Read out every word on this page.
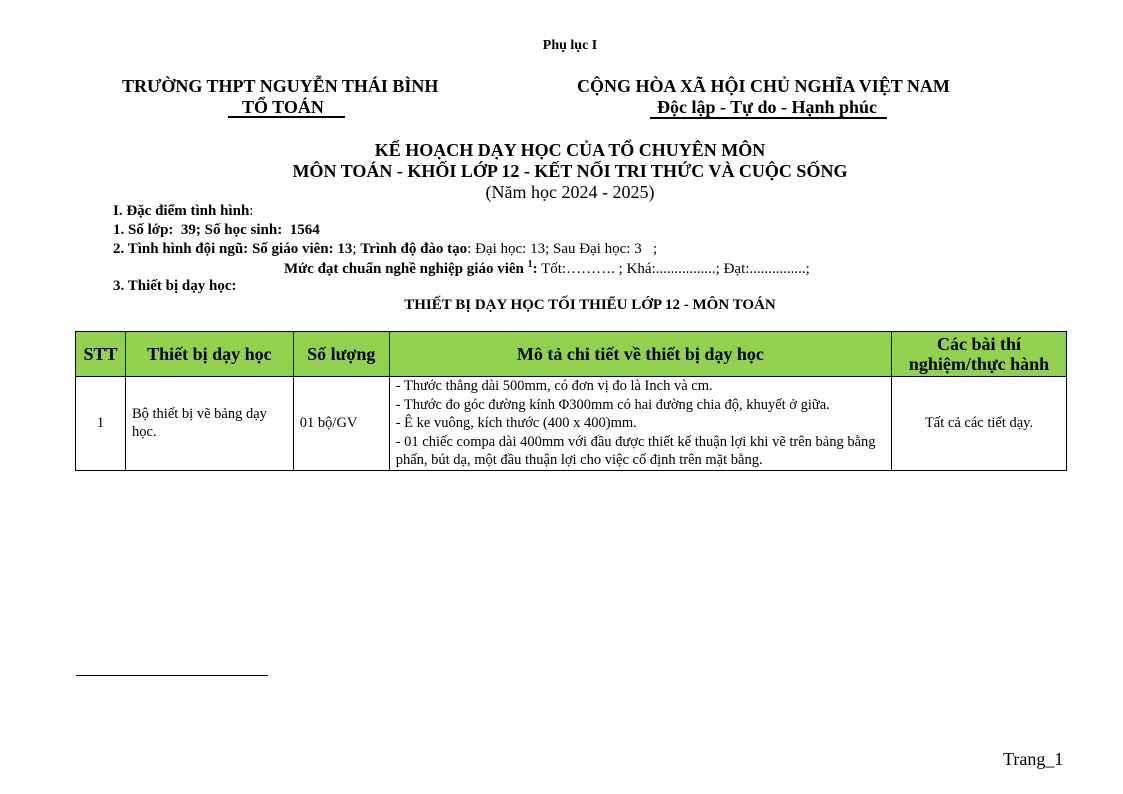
Phụ lục I
TRƯỜNG THPT NGUYỄN THÁI BÌNH
TỔ TOÁN
CỘNG HÒA XÃ HỘI CHỦ NGHĨA VIỆT NAM
Độc lập - Tự do - Hạnh phúc
KẾ HOẠCH DẠY HỌC CỦA TỔ CHUYÊN MÔN
MÔN TOÁN - KHỐI LỚP 12 - KẾT NỐI TRI THỨC VÀ CUỘC SỐNG
(Năm học 2024 - 2025)
I. Đặc điểm tình hình:
1. Số lớp:  39; Số học sinh:  1564
2. Tình hình đội ngũ: Số giáo viên: 13; Trình độ đào tạo: Đại học: 13; Sau Đại học: 3   ;
Mức đạt chuẩn nghề nghiệp giáo viên $^1$: Tốt:………. ; Khá:................; Đạt:...............;
3. Thiết bị dạy học:
THIẾT BỊ DẠY HỌC TỐI THIỂU LỚP 12 - MÔN TOÁN
STT	Thiết bị dạy học	Số lượng	Mô tả chi tiết về thiết bị dạy học	Các bài thí nghiệm/thực hành
1	Bộ thiết bị vẽ bảng dạy học.	01 bộ/GV	- Thước thẳng dài 500mm, có đơn vị đo là Inch và cm.
- Thước đo góc đường kính Φ300mm có hai đường chia độ, khuyết ở giữa.
- Ê ke vuông, kích thước (400 x 400)mm.
- 01 chiếc compa dài 400mm với đầu được thiết kế thuận lợi khi vẽ trên bảng bằng phấn, bút dạ, một đầu thuận lợi cho việc cố định trên mặt bằng.	Tất cả các tiết dạy.
Trang_1
